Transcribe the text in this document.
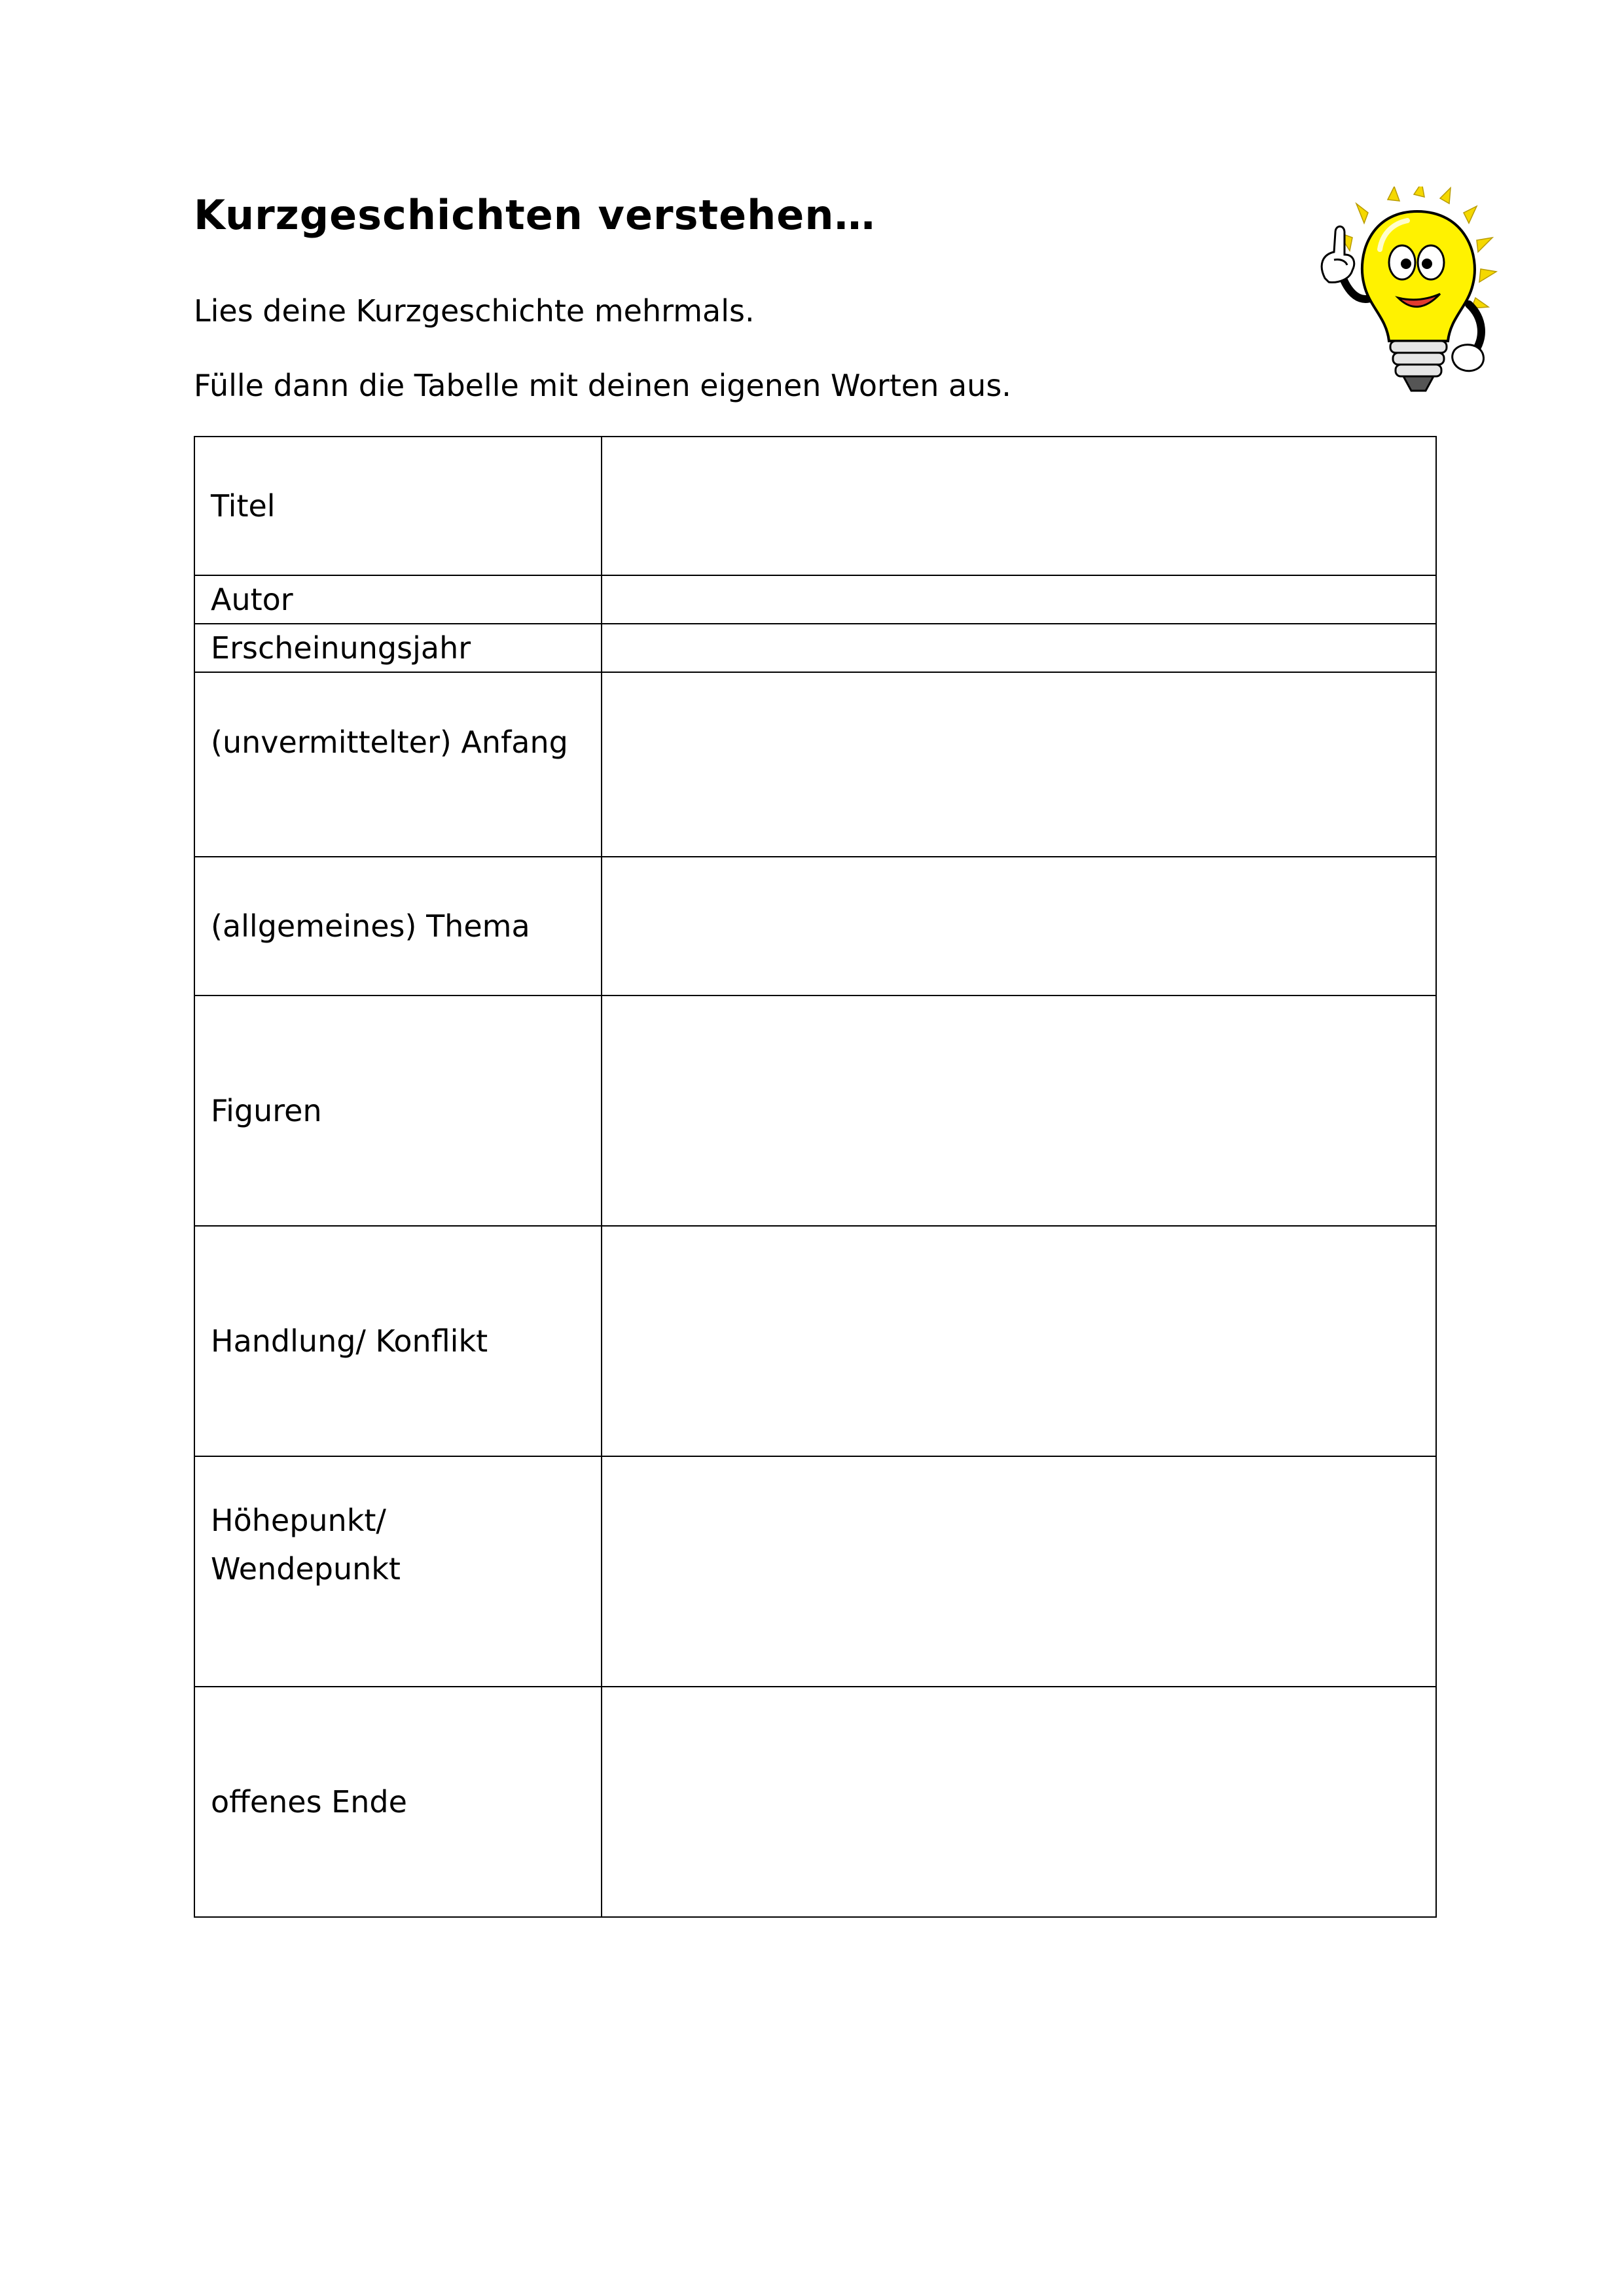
Kurzgeschichten verstehen…
Lies deine Kurzgeschichte mehrmals.
Fülle dann die Tabelle mit deinen eigenen Worten aus.
Titel	
Autor	
Erscheinungsjahr	

(unvermittelter) Anfang	

(allgemeines) Thema	
Figuren	
Handlung/ Konflikt	

Höhepunkt/
Wendepunkt	

offenes Ende	
